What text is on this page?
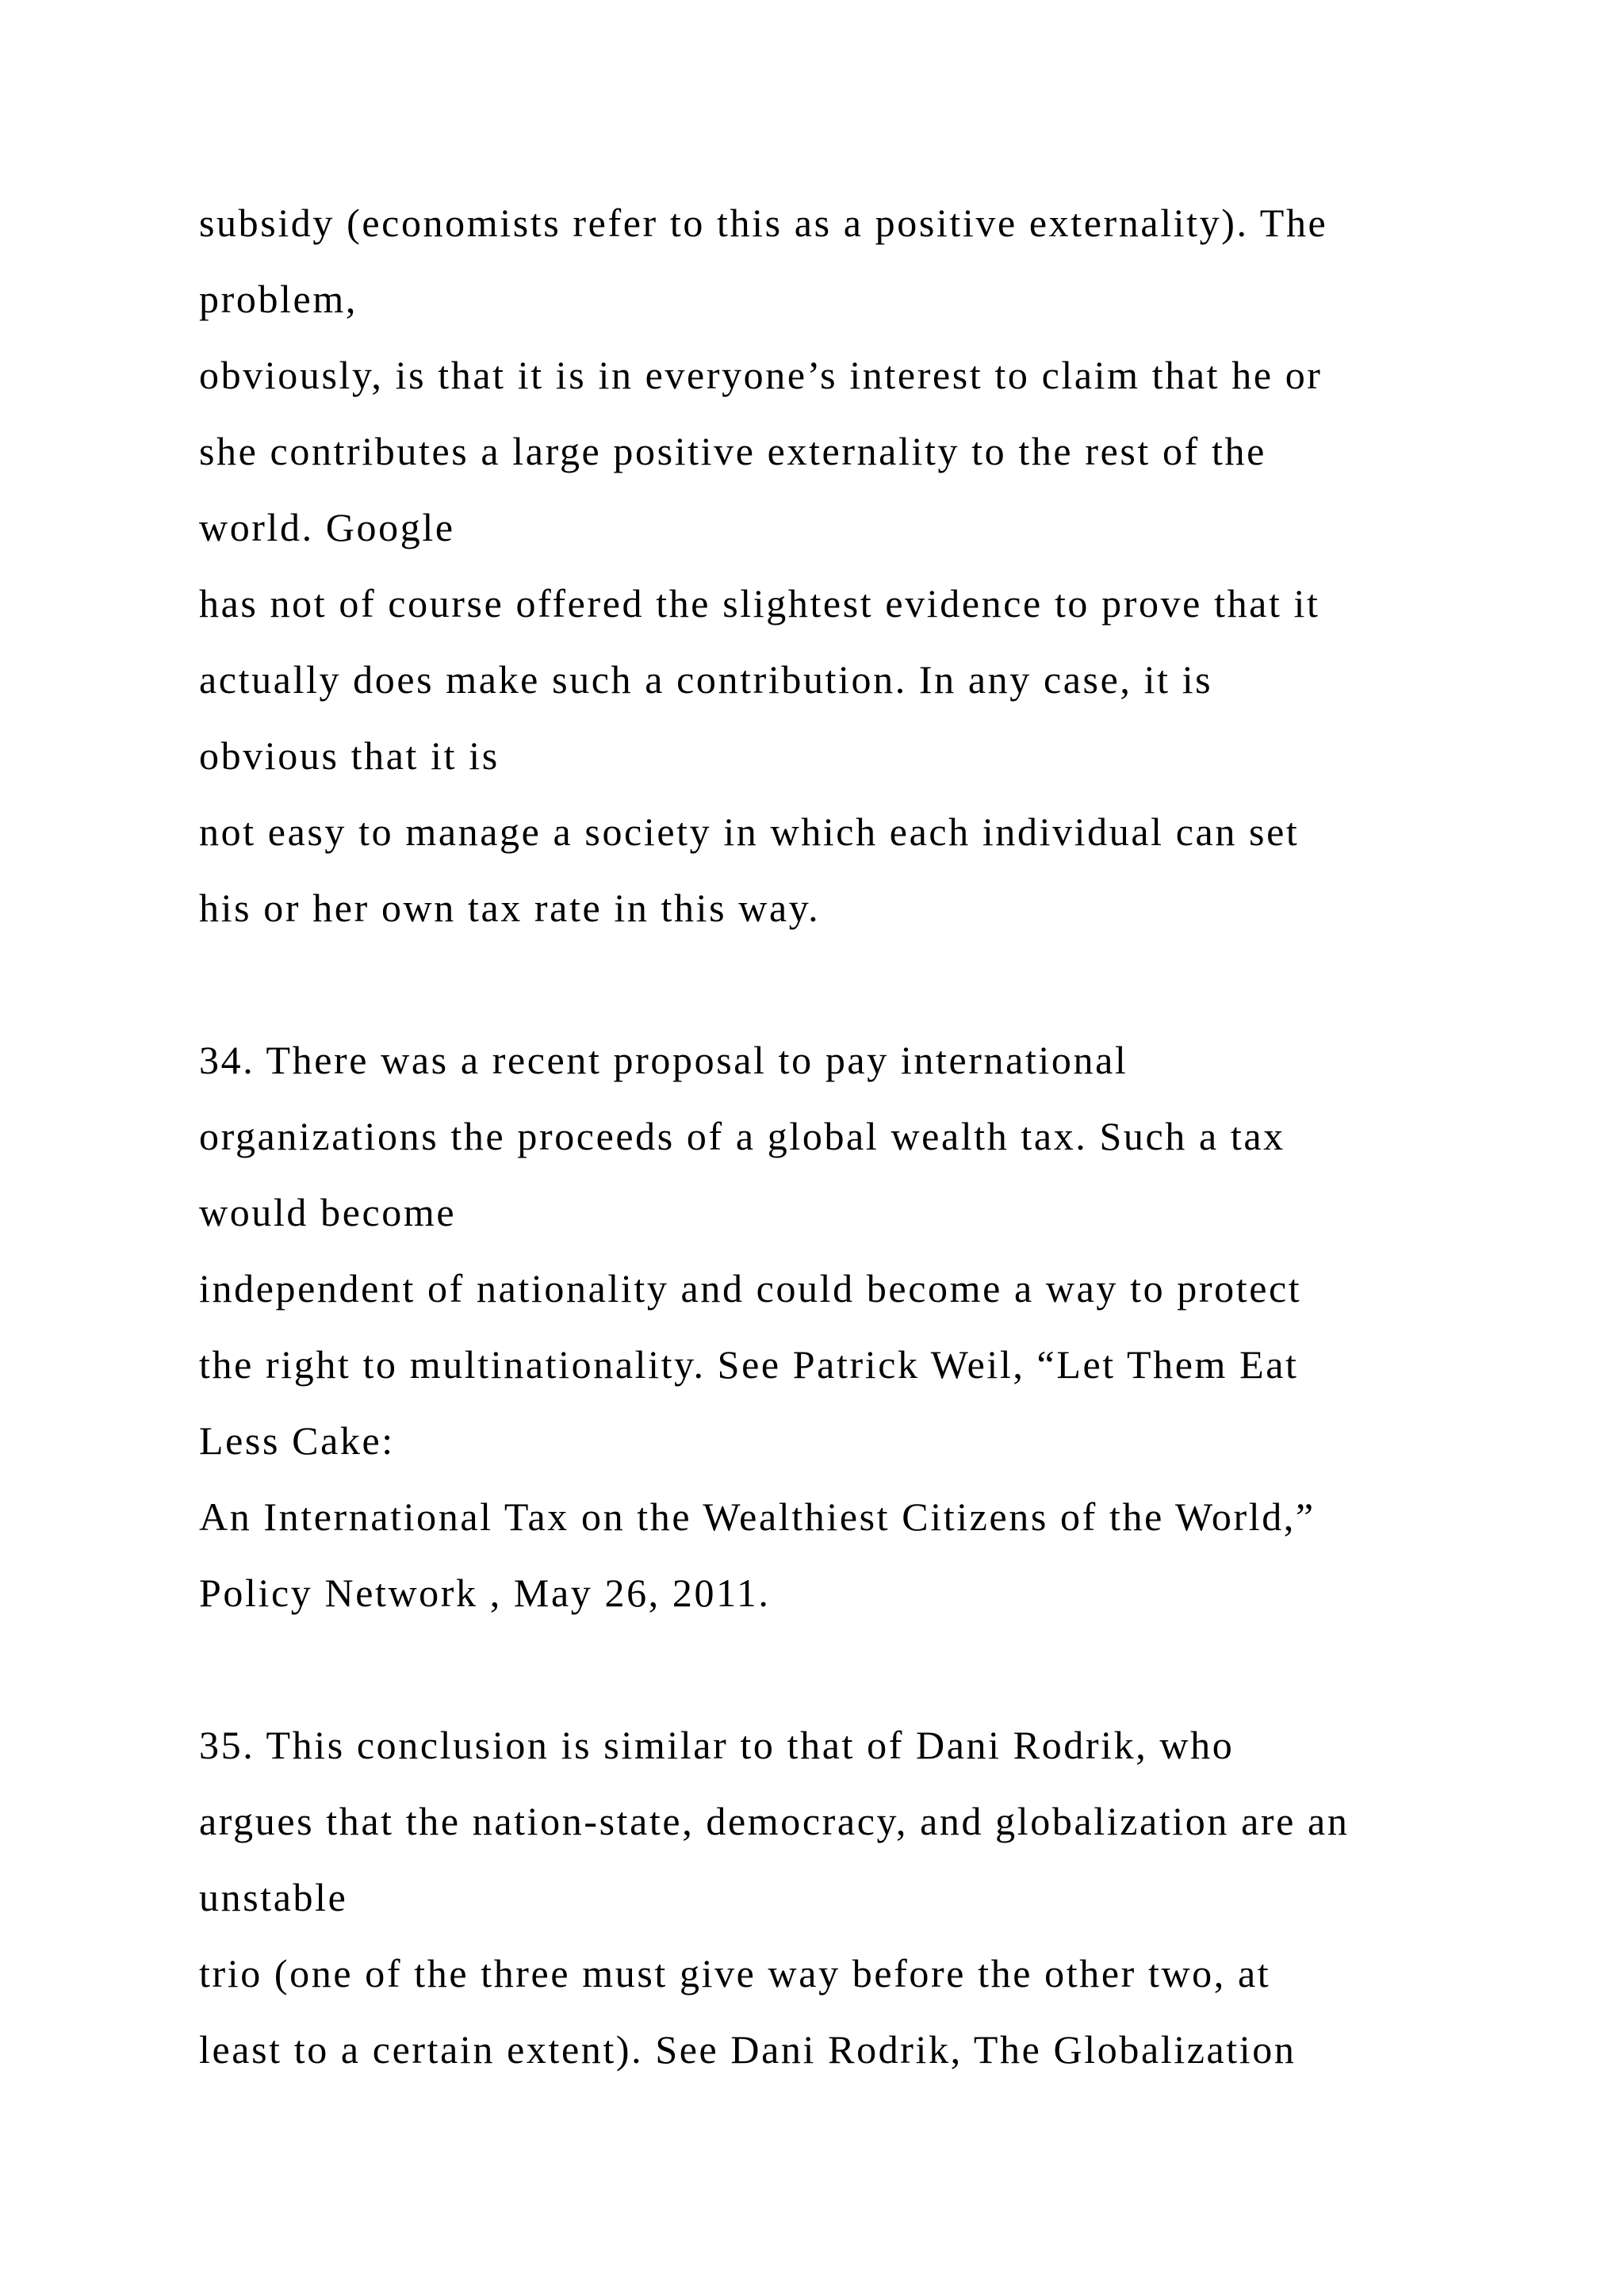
subsidy (economists refer to this as a positive externality). The
problem,
obviously, is that it is in everyone’s interest to claim that he or
she contributes a large positive externality to the rest of the
world. Google
has not of course offered the slightest evidence to prove that it
actually does make such a contribution. In any case, it is
obvious that it is
not easy to manage a society in which each individual can set
his or her own tax rate in this way.
34. There was a recent proposal to pay international
organizations the proceeds of a global wealth tax. Such a tax
would become
independent of nationality and could become a way to protect
the right to multinationality. See Patrick Weil, “Let Them Eat
Less Cake:
An International Tax on the Wealthiest Citizens of the World,”
Policy Network , May 26, 2011.
35. This conclusion is similar to that of Dani Rodrik, who
argues that the nation-state, democracy, and globalization are an
unstable
trio (one of the three must give way before the other two, at
least to a certain extent). See Dani Rodrik, The Globalization
